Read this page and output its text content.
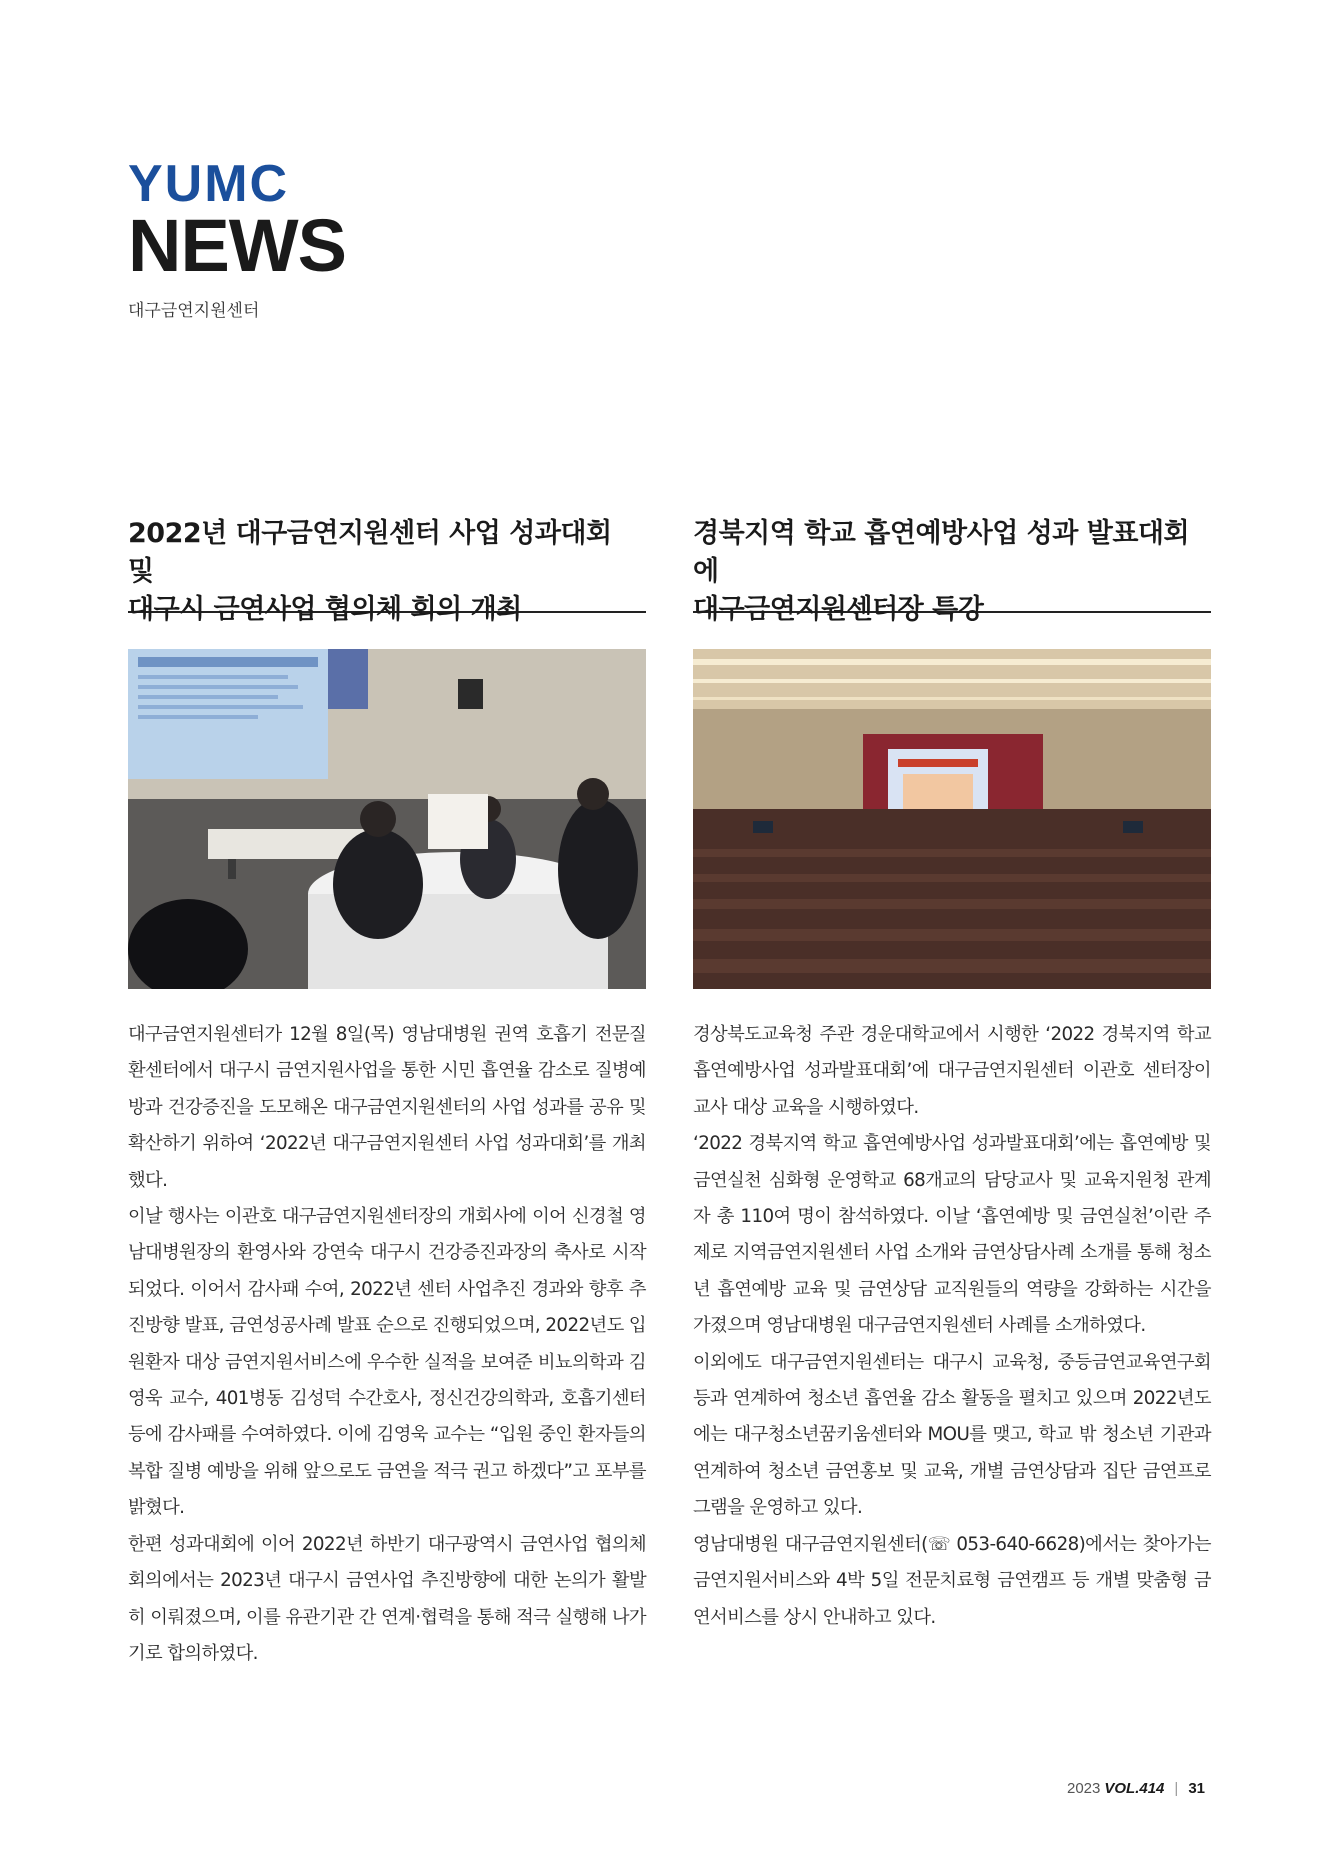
YUMC
NEWS
대구금연지원센터
2022년 대구금연지원센터 사업 성과대회 및
대구시 금연사업 협의체 회의 개최

대구금연지원센터가 12월 8일(목) 영남대병원 권역 호흡기 전문질환센터에서 대구시 금연지원사업을 통한 시민 흡연율 감소로 질병예방과 건강증진을 도모해온 대구금연지원센터의 사업 성과를 공유 및 확산하기 위하여 ‘2022년 대구금연지원센터 사업 성과대회’를 개최했다.

이날 행사는 이관호 대구금연지원센터장의 개회사에 이어 신경철 영남대병원장의 환영사와 강연숙 대구시 건강증진과장의 축사로 시작되었다. 이어서 감사패 수여, 2022년 센터 사업추진 경과와 향후 추진방향 발표, 금연성공사례 발표 순으로 진행되었으며, 2022년도 입원환자 대상 금연지원서비스에 우수한 실적을 보여준 비뇨의학과 김영욱 교수, 401병동 김성덕 수간호사, 정신건강의학과, 호흡기센터 등에 감사패를 수여하였다. 이에 김영욱 교수는 “입원 중인 환자들의 복합 질병 예방을 위해 앞으로도 금연을 적극 권고 하겠다”고 포부를 밝혔다.

한편 성과대회에 이어 2022년 하반기 대구광역시 금연사업 협의체 회의에서는 2023년 대구시 금연사업 추진방향에 대한 논의가 활발히 이뤄졌으며, 이를 유관기관 간 연계·협력을 통해 적극 실행해 나가기로 합의하였다.

경북지역 학교 흡연예방사업 성과 발표대회에
대구금연지원센터장 특강

경상북도교육청 주관 경운대학교에서 시행한 ‘2022 경북지역 학교 흡연예방사업 성과발표대회’에 대구금연지원센터 이관호 센터장이 교사 대상 교육을 시행하였다.

‘2022 경북지역 학교 흡연예방사업 성과발표대회’에는 흡연예방 및 금연실천 심화형 운영학교 68개교의 담당교사 및 교육지원청 관계자 총 110여 명이 참석하였다. 이날 ‘흡연예방 및 금연실천’이란 주제로 지역금연지원센터 사업 소개와 금연상담사례 소개를 통해 청소년 흡연예방 교육 및 금연상담 교직원들의 역량을 강화하는 시간을 가졌으며 영남대병원 대구금연지원센터 사례를 소개하였다.

이외에도 대구금연지원센터는 대구시 교육청, 중등금연교육연구회 등과 연계하여 청소년 흡연율 감소 활동을 펼치고 있으며 2022년도에는 대구청소년꿈키움센터와 MOU를 맺고, 학교 밖 청소년 기관과 연계하여 청소년 금연홍보 및 교육, 개별 금연상담과 집단 금연프로그램을 운영하고 있다.

영남대병원 대구금연지원센터(☏ 053-640-6628)에서는 찾아가는 금연지원서비스와 4박 5일 전문치료형 금연캠프 등 개별 맞춤형 금연서비스를 상시 안내하고 있다.

2023 VOL.414 | 31
